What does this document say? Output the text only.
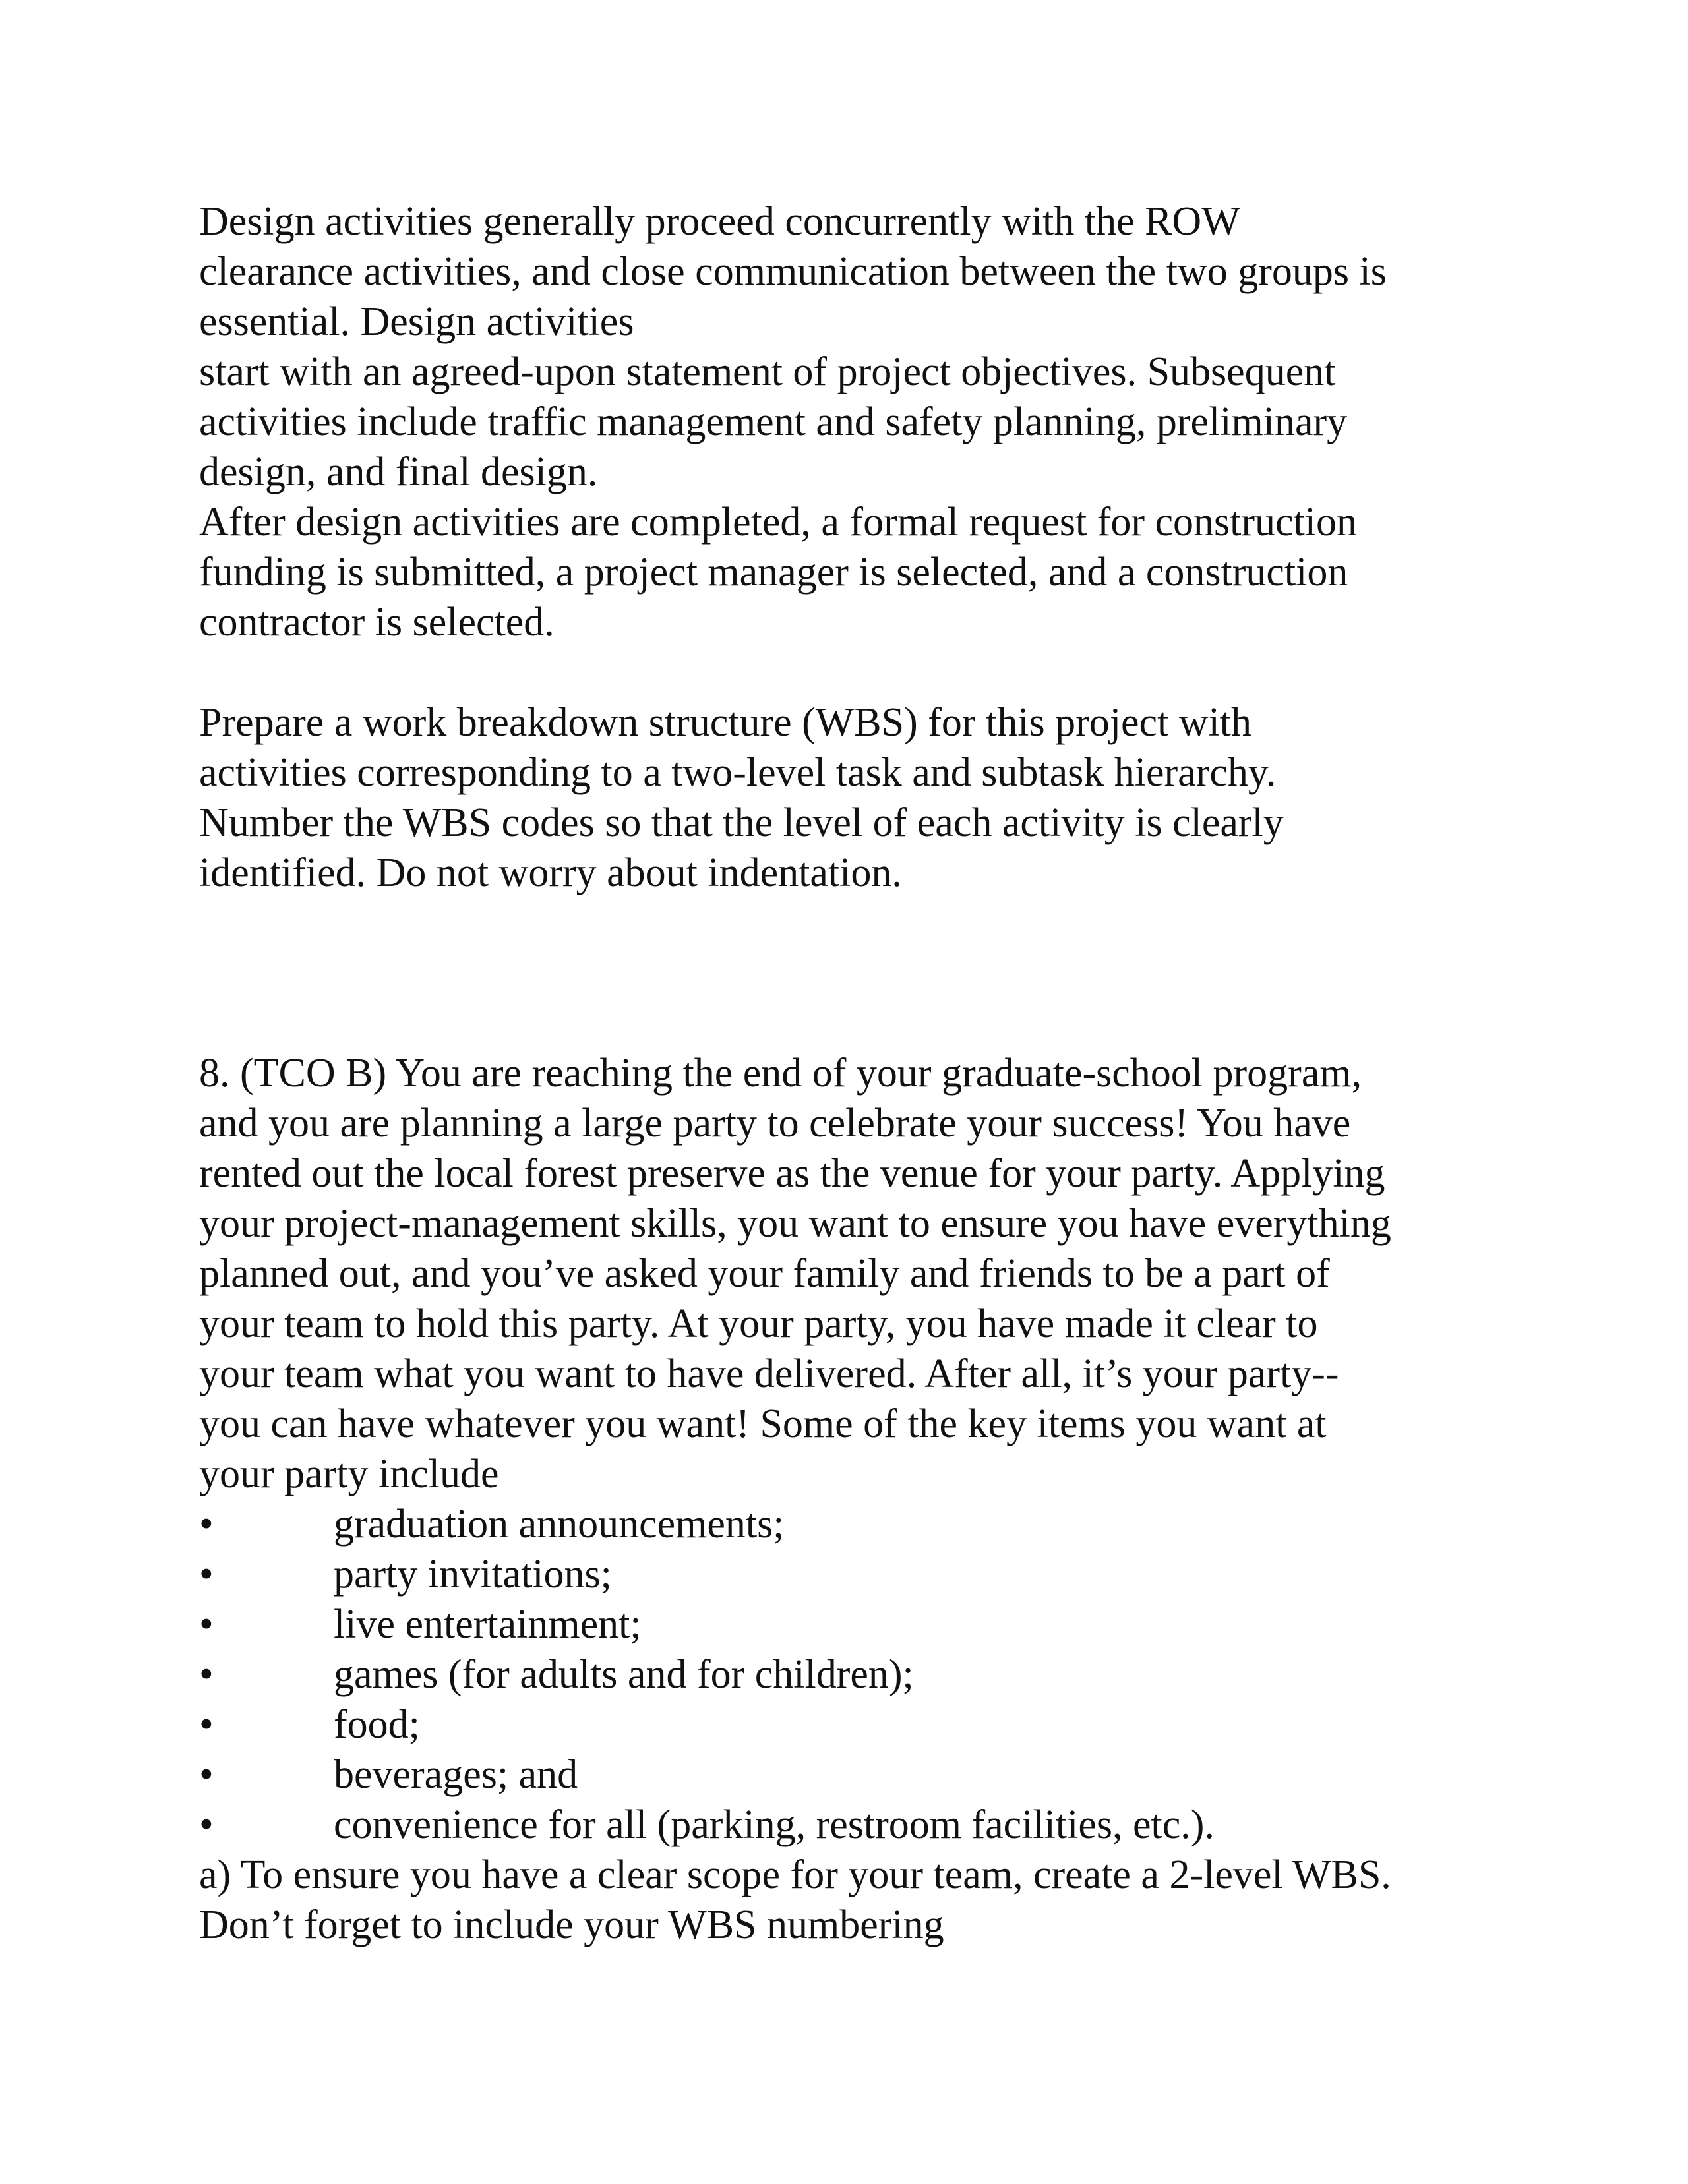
Design activities generally proceed concurrently with the ROW
clearance activities, and close communication between the two groups is
essential. Design activities
start with an agreed-upon statement of project objectives. Subsequent
activities include traffic management and safety planning, preliminary
design, and final design.
After design activities are completed, a formal request for construction
funding is submitted, a project manager is selected, and a construction
contractor is selected.
Prepare a work breakdown structure (WBS) for this project with
activities corresponding to a two-level task and subtask hierarchy.
Number the WBS codes so that the level of each activity is clearly
identified. Do not worry about indentation.
8. (TCO B) You are reaching the end of your graduate-school program,
and you are planning a large party to celebrate your success! You have
rented out the local forest preserve as the venue for your party. Applying
your project-management skills, you want to ensure you have everything
planned out, and you’ve asked your family and friends to be a part of
your team to hold this party. At your party, you have made it clear to
your team what you want to have delivered. After all, it’s your party--
you can have whatever you want! Some of the key items you want at
your party include
•	graduation announcements;
•	party invitations;
•	live entertainment;
•	games (for adults and for children);
•	food;
•	beverages; and
•	convenience for all (parking, restroom facilities, etc.).
a) To ensure you have a clear scope for your team, create a 2-level WBS.
Don’t forget to include your WBS numbering
